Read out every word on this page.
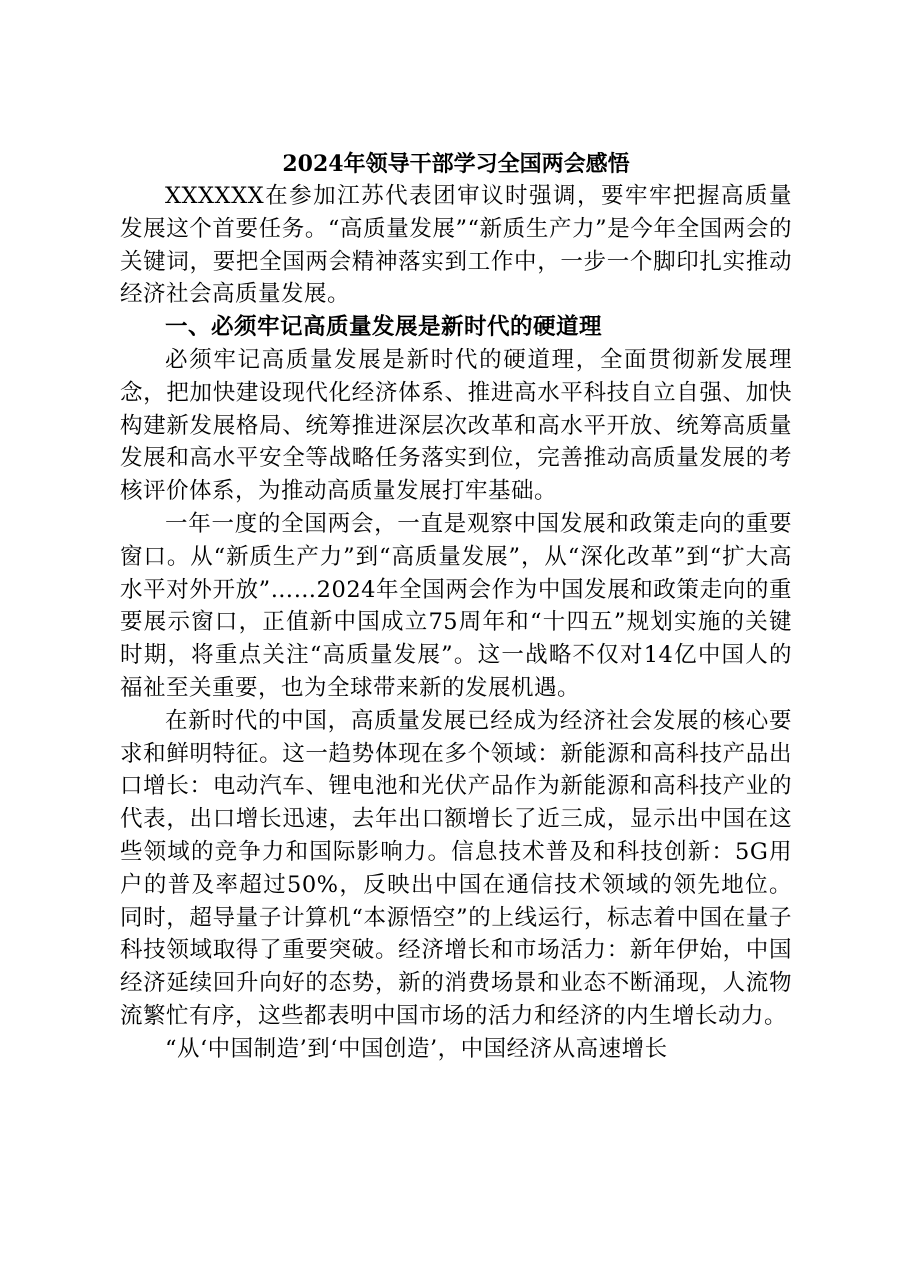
2024年领导干部学习全国两会感悟

XXXXXX在参加江苏代表团审议时强调，要牢牢把握高质量发展这个首要任务。“高质量发展”“新质生产力”是今年全国两会的关键词，要把全国两会精神落实到工作中，一步一个脚印扎实推动经济社会高质量发展。

一、必须牢记高质量发展是新时代的硬道理

必须牢记高质量发展是新时代的硬道理，全面贯彻新发展理念，把加快建设现代化经济体系、推进高水平科技自立自强、加快构建新发展格局、统筹推进深层次改革和高水平开放、统筹高质量发展和高水平安全等战略任务落实到位，完善推动高质量发展的考核评价体系，为推动高质量发展打牢基础。

一年一度的全国两会，一直是观察中国发展和政策走向的重要窗口。从“新质生产力”到“高质量发展”，从“深化改革”到“扩大高水平对外开放”……2024年全国两会作为中国发展和政策走向的重要展示窗口，正值新中国成立75周年和“十四五”规划实施的关键时期，将重点关注“高质量发展”。这一战略不仅对14亿中国人的福祉至关重要，也为全球带来新的发展机遇。

在新时代的中国，高质量发展已经成为经济社会发展的核心要求和鲜明特征。这一趋势体现在多个领域：新能源和高科技产品出口增长：电动汽车、锂电池和光伏产品作为新能源和高科技产业的代表，出口增长迅速，去年出口额增长了近三成，显示出中国在这些领域的竞争力和国际影响力。信息技术普及和科技创新：5G用户的普及率超过50%，反映出中国在通信技术领域的领先地位。同时，超导量子计算机“本源悟空”的上线运行，标志着中国在量子科技领域取得了重要突破。经济增长和市场活力：新年伊始，中国经济延续回升向好的态势，新的消费场景和业态不断涌现，人流物流繁忙有序，这些都表明中国市场的活力和经济的内生增长动力。

“从‘中国制造’到‘中国创造’，中国经济从高速增长
